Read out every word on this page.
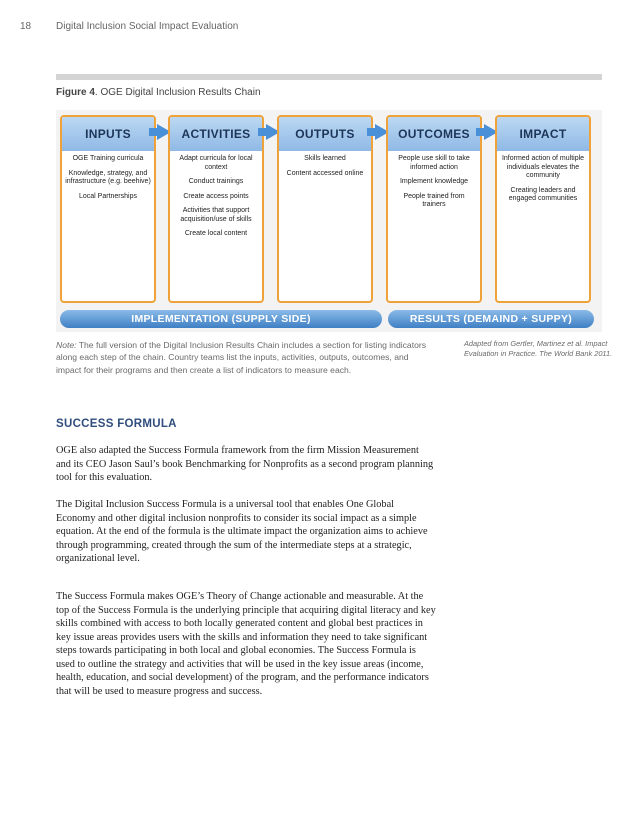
18 Digital Inclusion Social Impact Evaluation
Figure 4. OGE Digital Inclusion Results Chain
INPUTS
OGE Training curricula
Knowledge, strategy, and infrastructure (e.g. beehive)
Local Partnerships
ACTIVITIES
Adapt curricula for local context
Conduct trainings
Create access points
Activities that support acquisition/use of skills
Create local content
OUTPUTS
Skills learned
Content accessed online
OUTCOMES
People use skill to take informed action
Implement knowledge
People trained from trainers
IMPACT
Informed action of multiple individuals elevates the community
Creating leaders and engaged communities
IMPLEMENTATION (SUPPLY SIDE)	RESULTS (DEMAIND + SUPPY)
Note: The full version of the Digital Inclusion Results Chain includes a section for listing indicators along each step of the chain. Country teams list the inputs, activities, outputs, outcomes, and impact for their programs and then create a list of indicators to measure each.
Adapted from Gertler, Martinez et al. Impact Evaluation in Practice. The World Bank 2011.
SUCCESS FORMULA
OGE also adapted the Success Formula framework from the firm Mission Measurement and its CEO Jason Saul’s book Benchmarking for Nonprofits as a second program planning tool for this evaluation.
The Digital Inclusion Success Formula is a universal tool that enables One Global Economy and other digital inclusion nonprofits to consider its social impact as a simple equation. At the end of the formula is the ultimate impact the organization aims to achieve through programming, created through the sum of the intermediate steps at a strategic, organizational level.
The Success Formula makes OGE’s Theory of Change actionable and measurable. At the top of the Success Formula is the underlying principle that acquiring digital literacy and key skills combined with access to both locally generated content and global best practices in key issue areas provides users with the skills and information they need to take significant steps towards participating in both local and global economies. The Success Formula is used to outline the strategy and activities that will be used in the key issue areas (income, health, education, and social development) of the program, and the performance indicators that will be used to measure progress and success.
